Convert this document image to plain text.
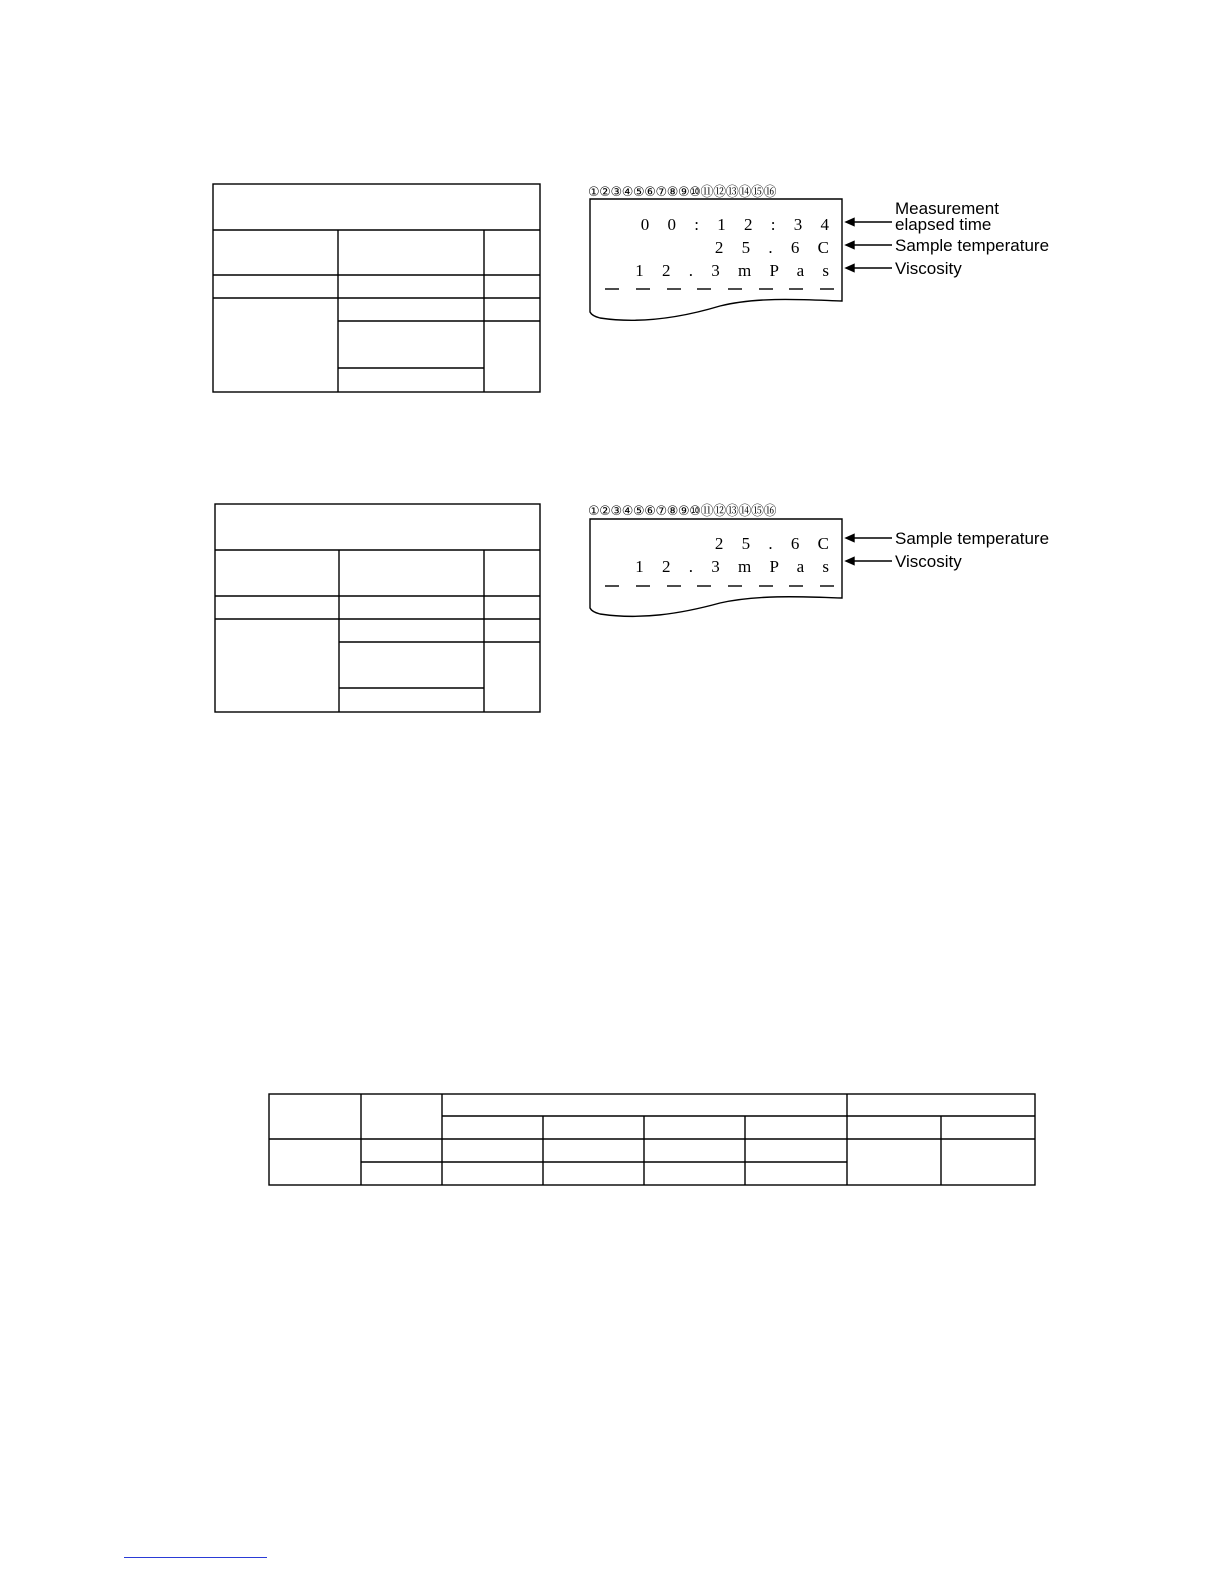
①②③④⑤⑥⑦⑧⑨⑩⑪⑫⑬⑭⑮⑯
0 0 : 1 2 : 3 4
2 5 . 6 C
1 2 . 3 m P a s
Measurement
elapsed time
Sample temperature
Viscosity
①②③④⑤⑥⑦⑧⑨⑩⑪⑫⑬⑭⑮⑯
2 5 . 6 C
1 2 . 3 m P a s
Sample temperature
Viscosity
